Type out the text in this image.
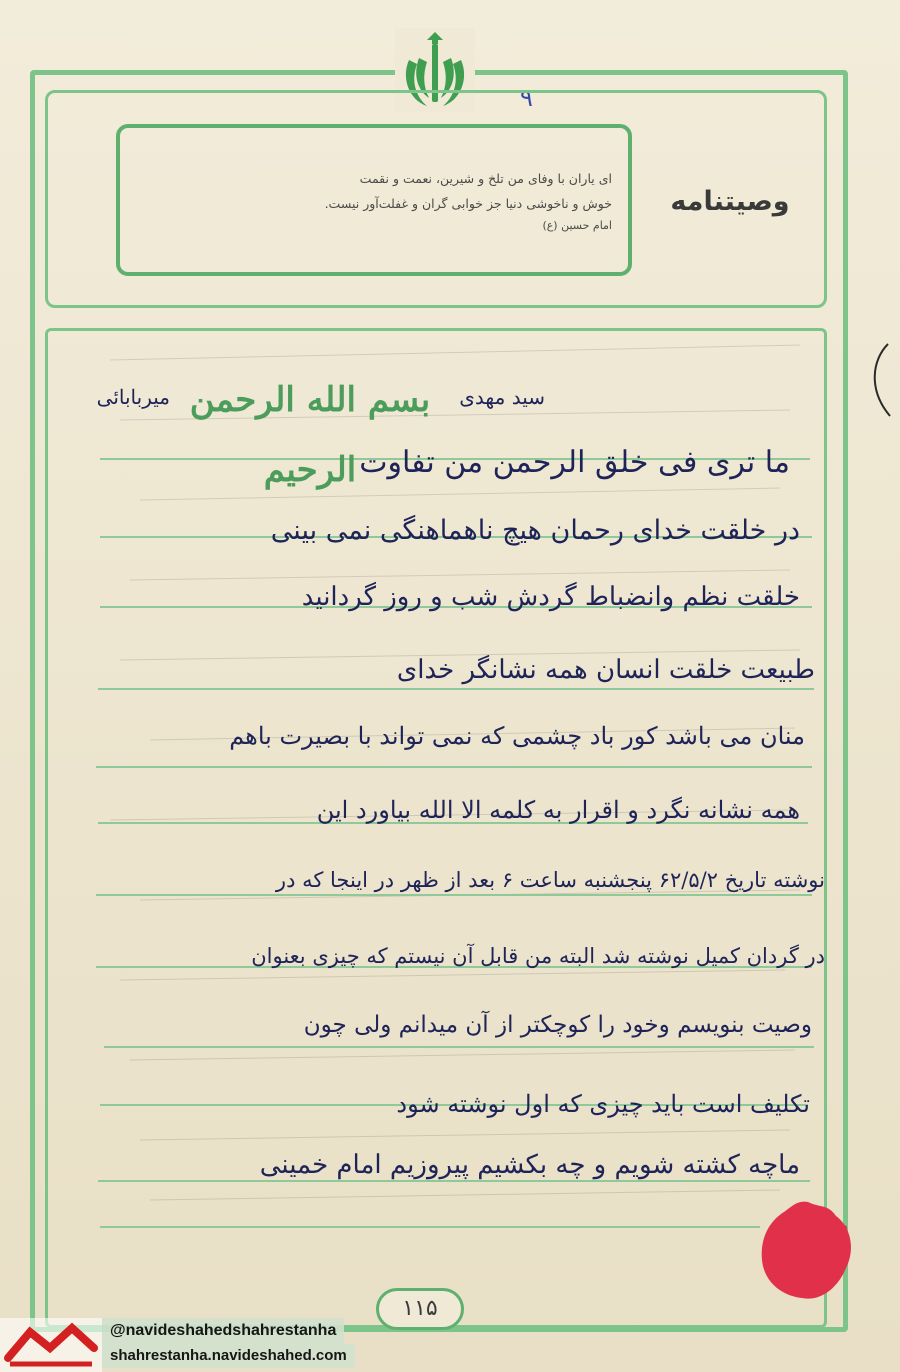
۹
ای یاران با وفای من تلخ و شیرین، نعمت و نقمت
خوش و ناخوشی دنیا جز خوابی گران و غفلت‌آور نیست.
امام حسین (ع)
وصیتنامه
بسم الله الرحمن الرحیم
میربابائی	سید مهدی
ما تری فی خلق الرحمن من تفاوت
در خلقت خدای رحمان هیچ ناهماهنگی نمی بینی
خلقت نظم وانضباط گردش شب و روز گردانید
طبیعت خلقت انسان همه نشانگر خدای
منان می باشد کور باد چشمی که نمی تواند با بصیرت باهم
همه نشانه نگرد و اقرار به کلمه الا الله بیاورد این
نوشته تاریخ ۶۲/۵/۲ پنجشنبه ساعت ۶ بعد از ظهر در اینجا که در
در گردان کمیل نوشته شد البته من قابل آن نیستم که چیزی بعنوان
وصیت بنویسم وخود را کوچکتر از آن میدانم ولی چون
تکلیف است باید چیزی که اول نوشته شود
ماچه کشته شویم و چه بکشیم پیروزیم امام خمینی
۱۱۵
@navideshahedshahrestanha
shahrestanha.navideshahed.com
